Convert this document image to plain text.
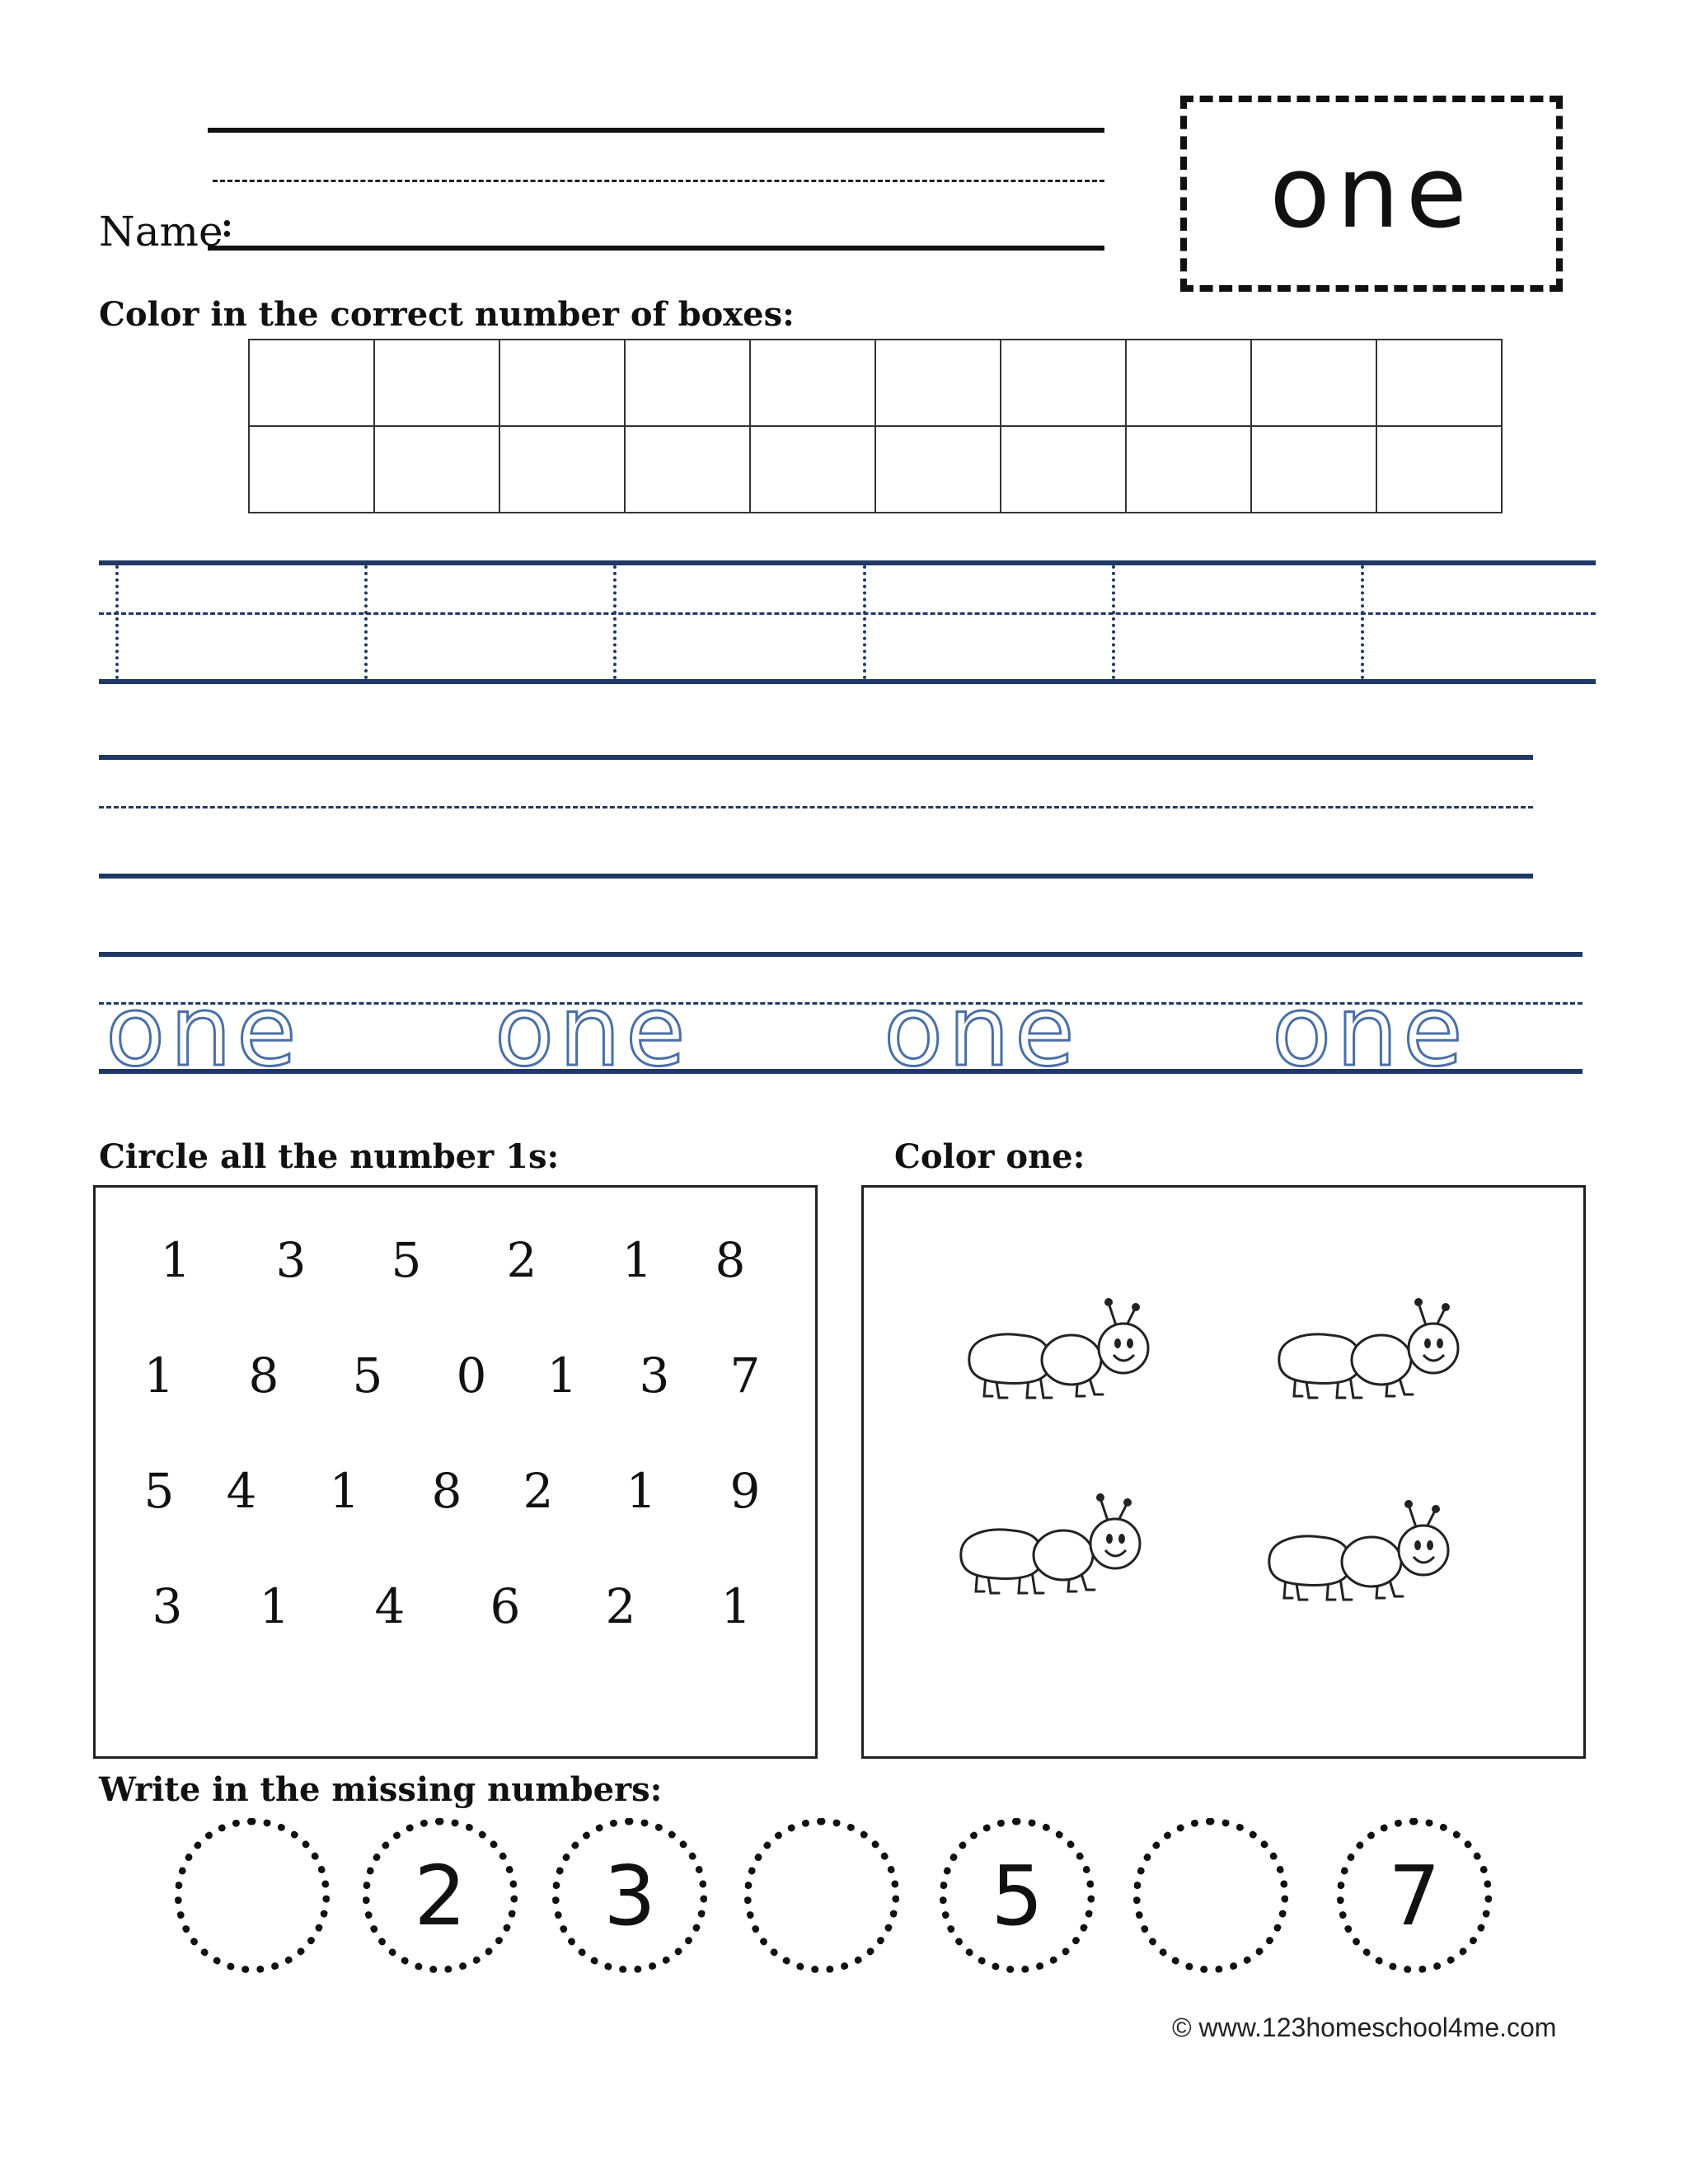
Name
:	one
Color in the correct number of boxes:

one one one one
Circle all the number 1s:
1 3 5 2 1 8
1 8 5 0 1 3 7
5 4 1 8 2 1 9
3 1 4 6 2 1
Color one:
Write in the missing numbers:
2 3	5	7
© www.123homeschool4me.com
